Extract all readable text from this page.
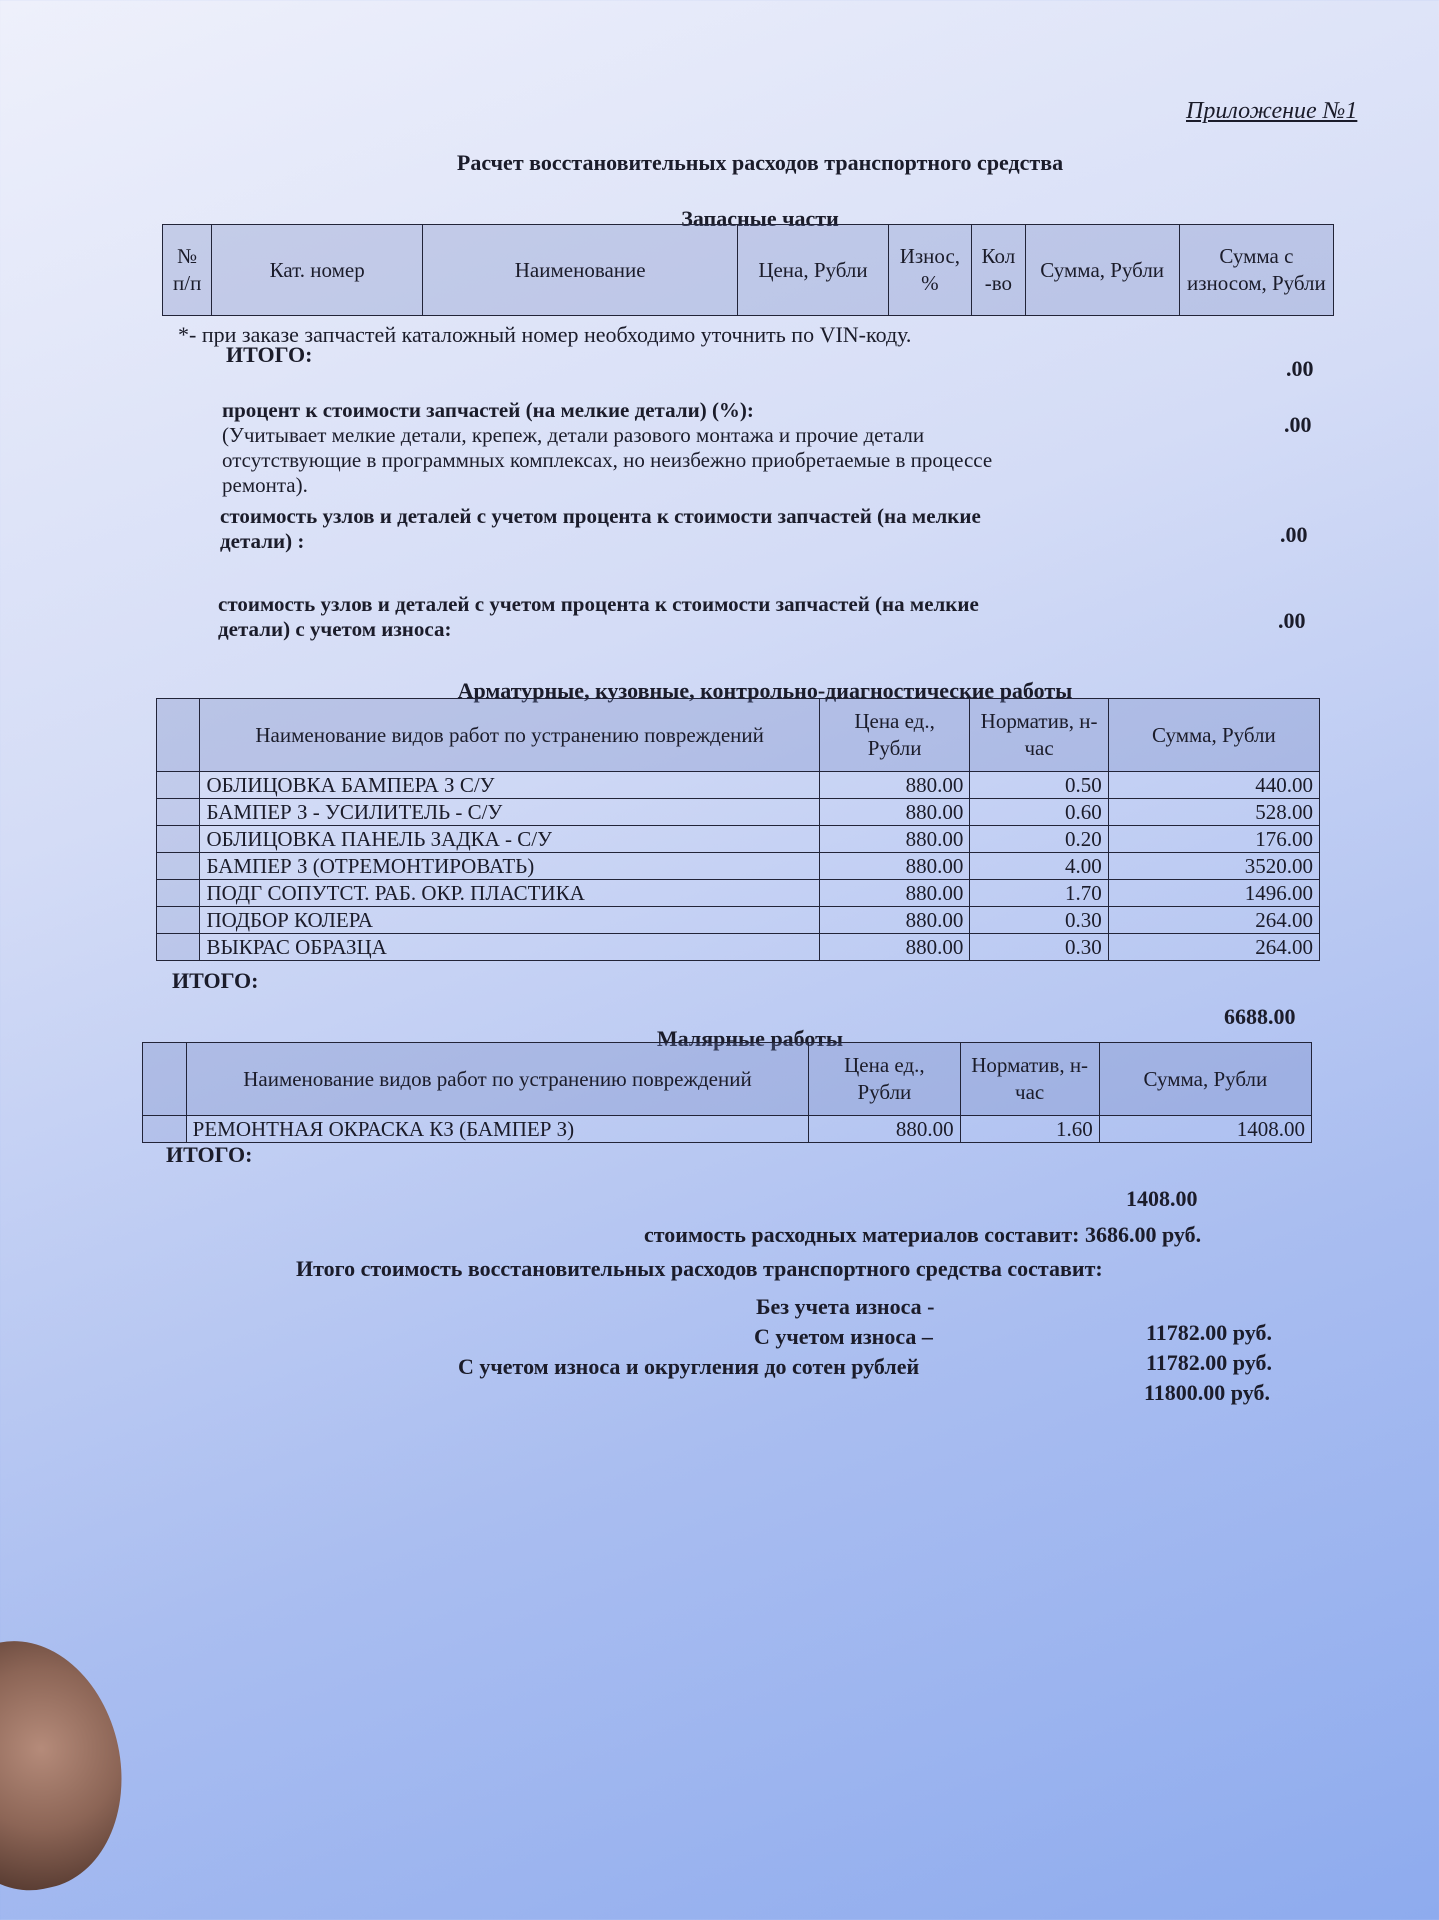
Приложение №1
Расчет восстановительных расходов транспортного средства
Запасные части
№ п/п	Кат. номер	Наименование	Цена, Рубли	Износ, %	Кол -во	Сумма, Рубли	Сумма с износом, Рубли
*- при заказе запчастей каталожный номер необходимо уточнить по VIN-коду.
ИТОГО:
.00
процент к стоимости запчастей (на мелкие детали) (%):
(Учитывает мелкие детали, крепеж, детали разового монтажа и прочие детали отсутствующие в программных комплексах, но неизбежно приобретаемые в процессе ремонта).
.00
стоимость узлов и деталей с учетом процента к стоимости запчастей (на мелкие детали) :	.00
стоимость узлов и деталей с учетом процента к стоимости запчастей (на мелкие детали) с учетом износа:	.00
Арматурные, кузовные, контрольно-диагностические работы
	Наименование видов работ по устранению повреждений	Цена ед., Рубли	Норматив, н-час	Сумма, Рубли
	ОБЛИЦОВКА БАМПЕРА З С/У	880.00	0.50	440.00
	БАМПЕР З - УСИЛИТЕЛЬ - С/У	880.00	0.60	528.00
	ОБЛИЦОВКА ПАНЕЛЬ ЗАДКА - С/У	880.00	0.20	176.00
	БАМПЕР З (ОТРЕМОНТИРОВАТЬ)	880.00	4.00	3520.00
	ПОДГ СОПУТСТ. РАБ. ОКР. ПЛАСТИКА	880.00	1.70	1496.00
	ПОДБОР КОЛЕРА	880.00	0.30	264.00
	ВЫКРАС ОБРАЗЦА	880.00	0.30	264.00
ИТОГО:
6688.00
Малярные работы
	Наименование видов работ по устранению повреждений	Цена ед., Рубли	Норматив, н-час	Сумма, Рубли
	РЕМОНТНАЯ ОКРАСКА КЗ (БАМПЕР З)	880.00	1.60	1408.00
ИТОГО:
1408.00
стоимость расходных материалов составит: 3686.00 руб.
Итого стоимость восстановительных расходов транспортного средства составит:
Без учета износа -
С учетом износа –
С учетом износа и округления до сотен рублей
11782.00 руб.
11782.00 руб.
11800.00 руб.
